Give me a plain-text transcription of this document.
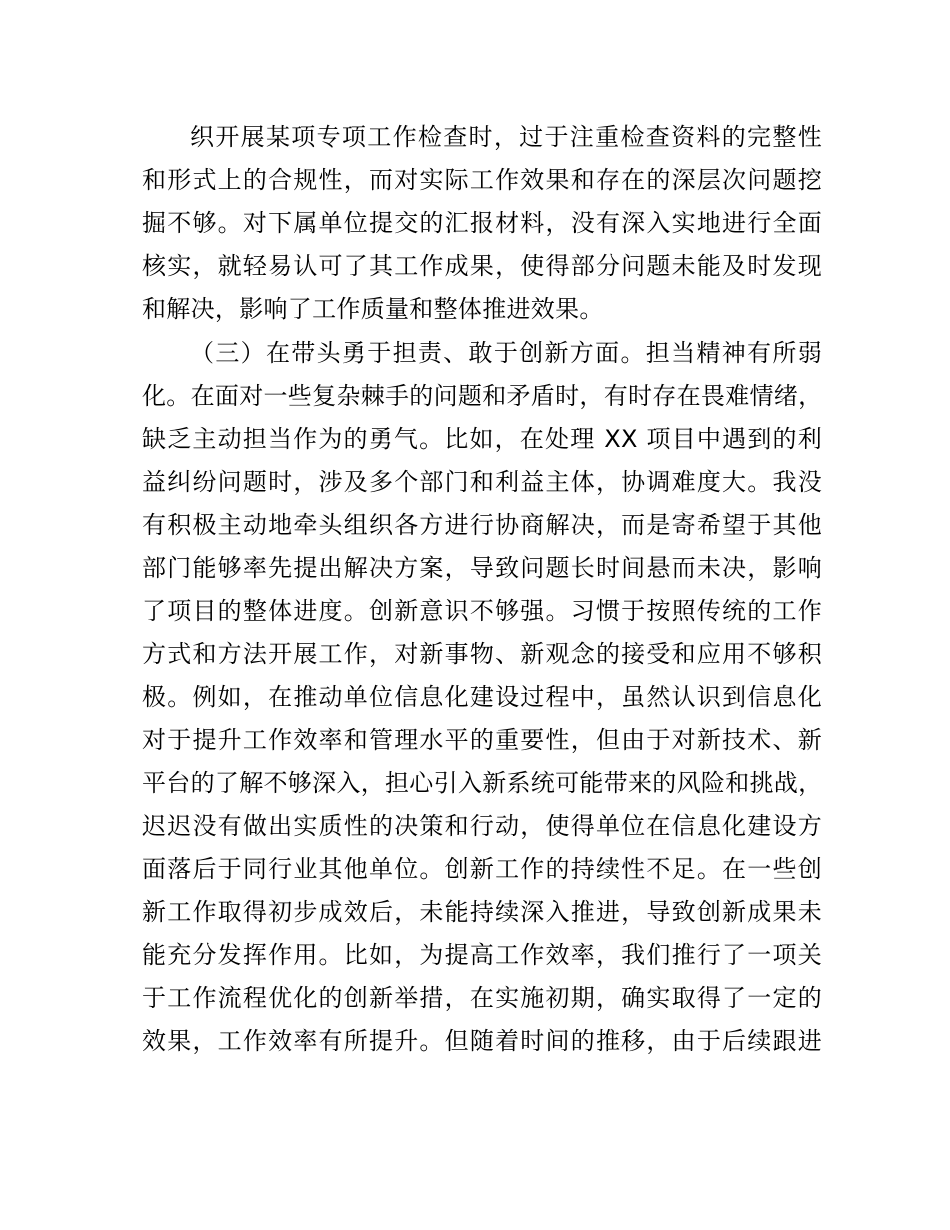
织开展某项专项工作检查时，过于注重检查资料的完整性
和形式上的合规性，而对实际工作效果和存在的深层次问题挖
掘不够。对下属单位提交的汇报材料，没有深入实地进行全面
核实，就轻易认可了其工作成果，使得部分问题未能及时发现
和解决，影响了工作质量和整体推进效果。
（三）在带头勇于担责、敢于创新方面。担当精神有所弱
化。在面对一些复杂棘手的问题和矛盾时，有时存在畏难情绪，
缺乏主动担当作为的勇气。比如，在处理 XX 项目中遇到的利
益纠纷问题时，涉及多个部门和利益主体，协调难度大。我没
有积极主动地牵头组织各方进行协商解决，而是寄希望于其他
部门能够率先提出解决方案，导致问题长时间悬而未决，影响
了项目的整体进度。创新意识不够强。习惯于按照传统的工作
方式和方法开展工作，对新事物、新观念的接受和应用不够积
极。例如，在推动单位信息化建设过程中，虽然认识到信息化
对于提升工作效率和管理水平的重要性，但由于对新技术、新
平台的了解不够深入，担心引入新系统可能带来的风险和挑战，
迟迟没有做出实质性的决策和行动，使得单位在信息化建设方
面落后于同行业其他单位。创新工作的持续性不足。在一些创
新工作取得初步成效后，未能持续深入推进，导致创新成果未
能充分发挥作用。比如，为提高工作效率，我们推行了一项关
于工作流程优化的创新举措，在实施初期，确实取得了一定的
效果，工作效率有所提升。但随着时间的推移，由于后续跟进
